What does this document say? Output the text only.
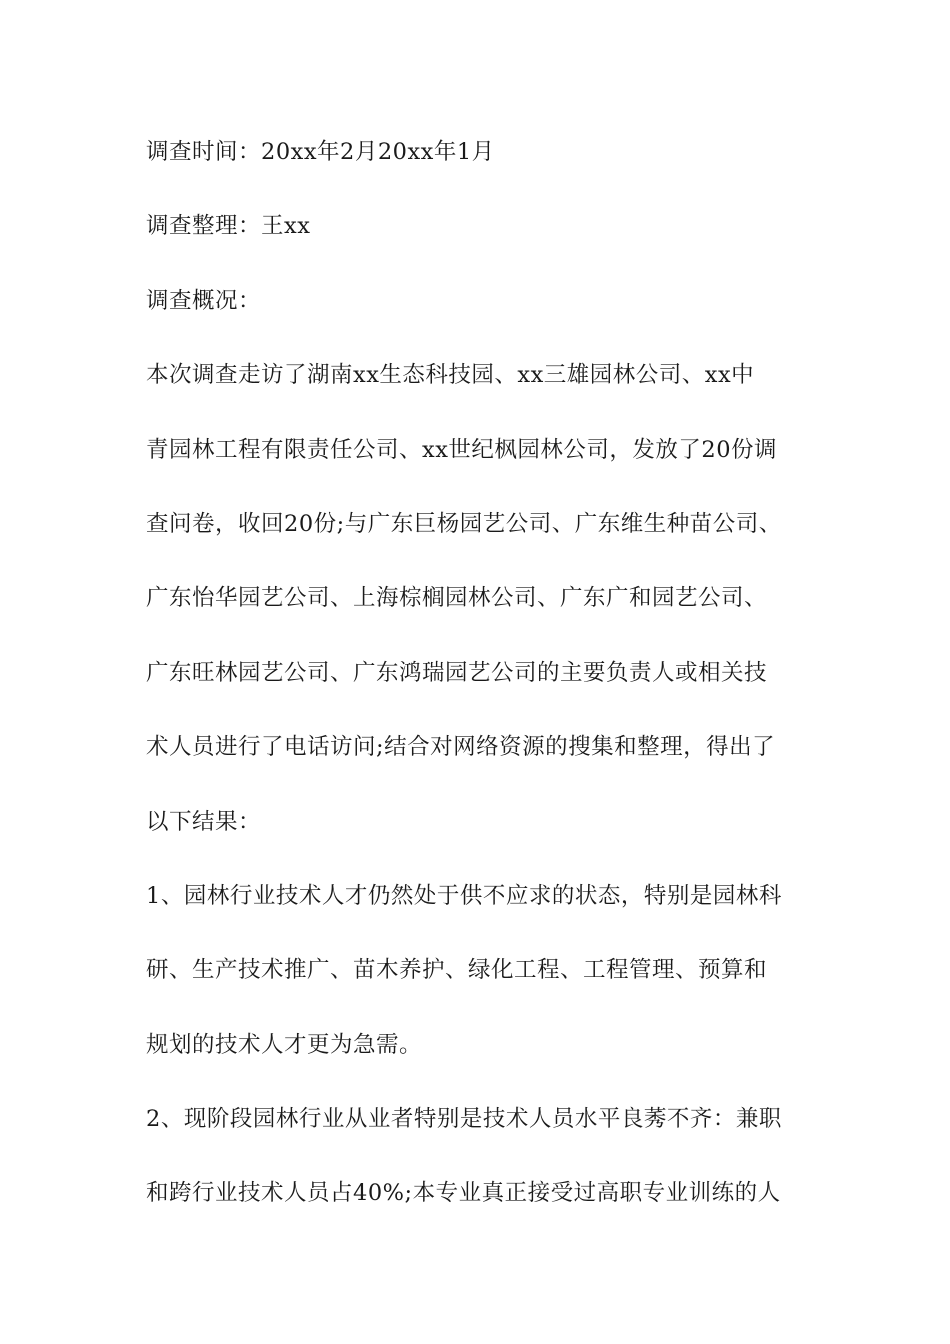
调查时间：20xx年2月20xx年1月
调查整理：王xx
调查概况：
本次调查走访了湖南xx生态科技园、xx三雄园林公司、xx中
青园林工程有限责任公司、xx世纪枫园林公司，发放了20份调
查问卷，收回20份;与广东巨杨园艺公司、广东维生种苗公司、
广东怡华园艺公司、上海棕榈园林公司、广东广和园艺公司、
广东旺林园艺公司、广东鸿瑞园艺公司的主要负责人或相关技
术人员进行了电话访问;结合对网络资源的搜集和整理，得出了
以下结果：
1、园林行业技术人才仍然处于供不应求的状态，特别是园林科
研、生产技术推广、苗木养护、绿化工程、工程管理、预算和
规划的技术人才更为急需。
2、现阶段园林行业从业者特别是技术人员水平良莠不齐：兼职
和跨行业技术人员占40%;本专业真正接受过高职专业训练的人
